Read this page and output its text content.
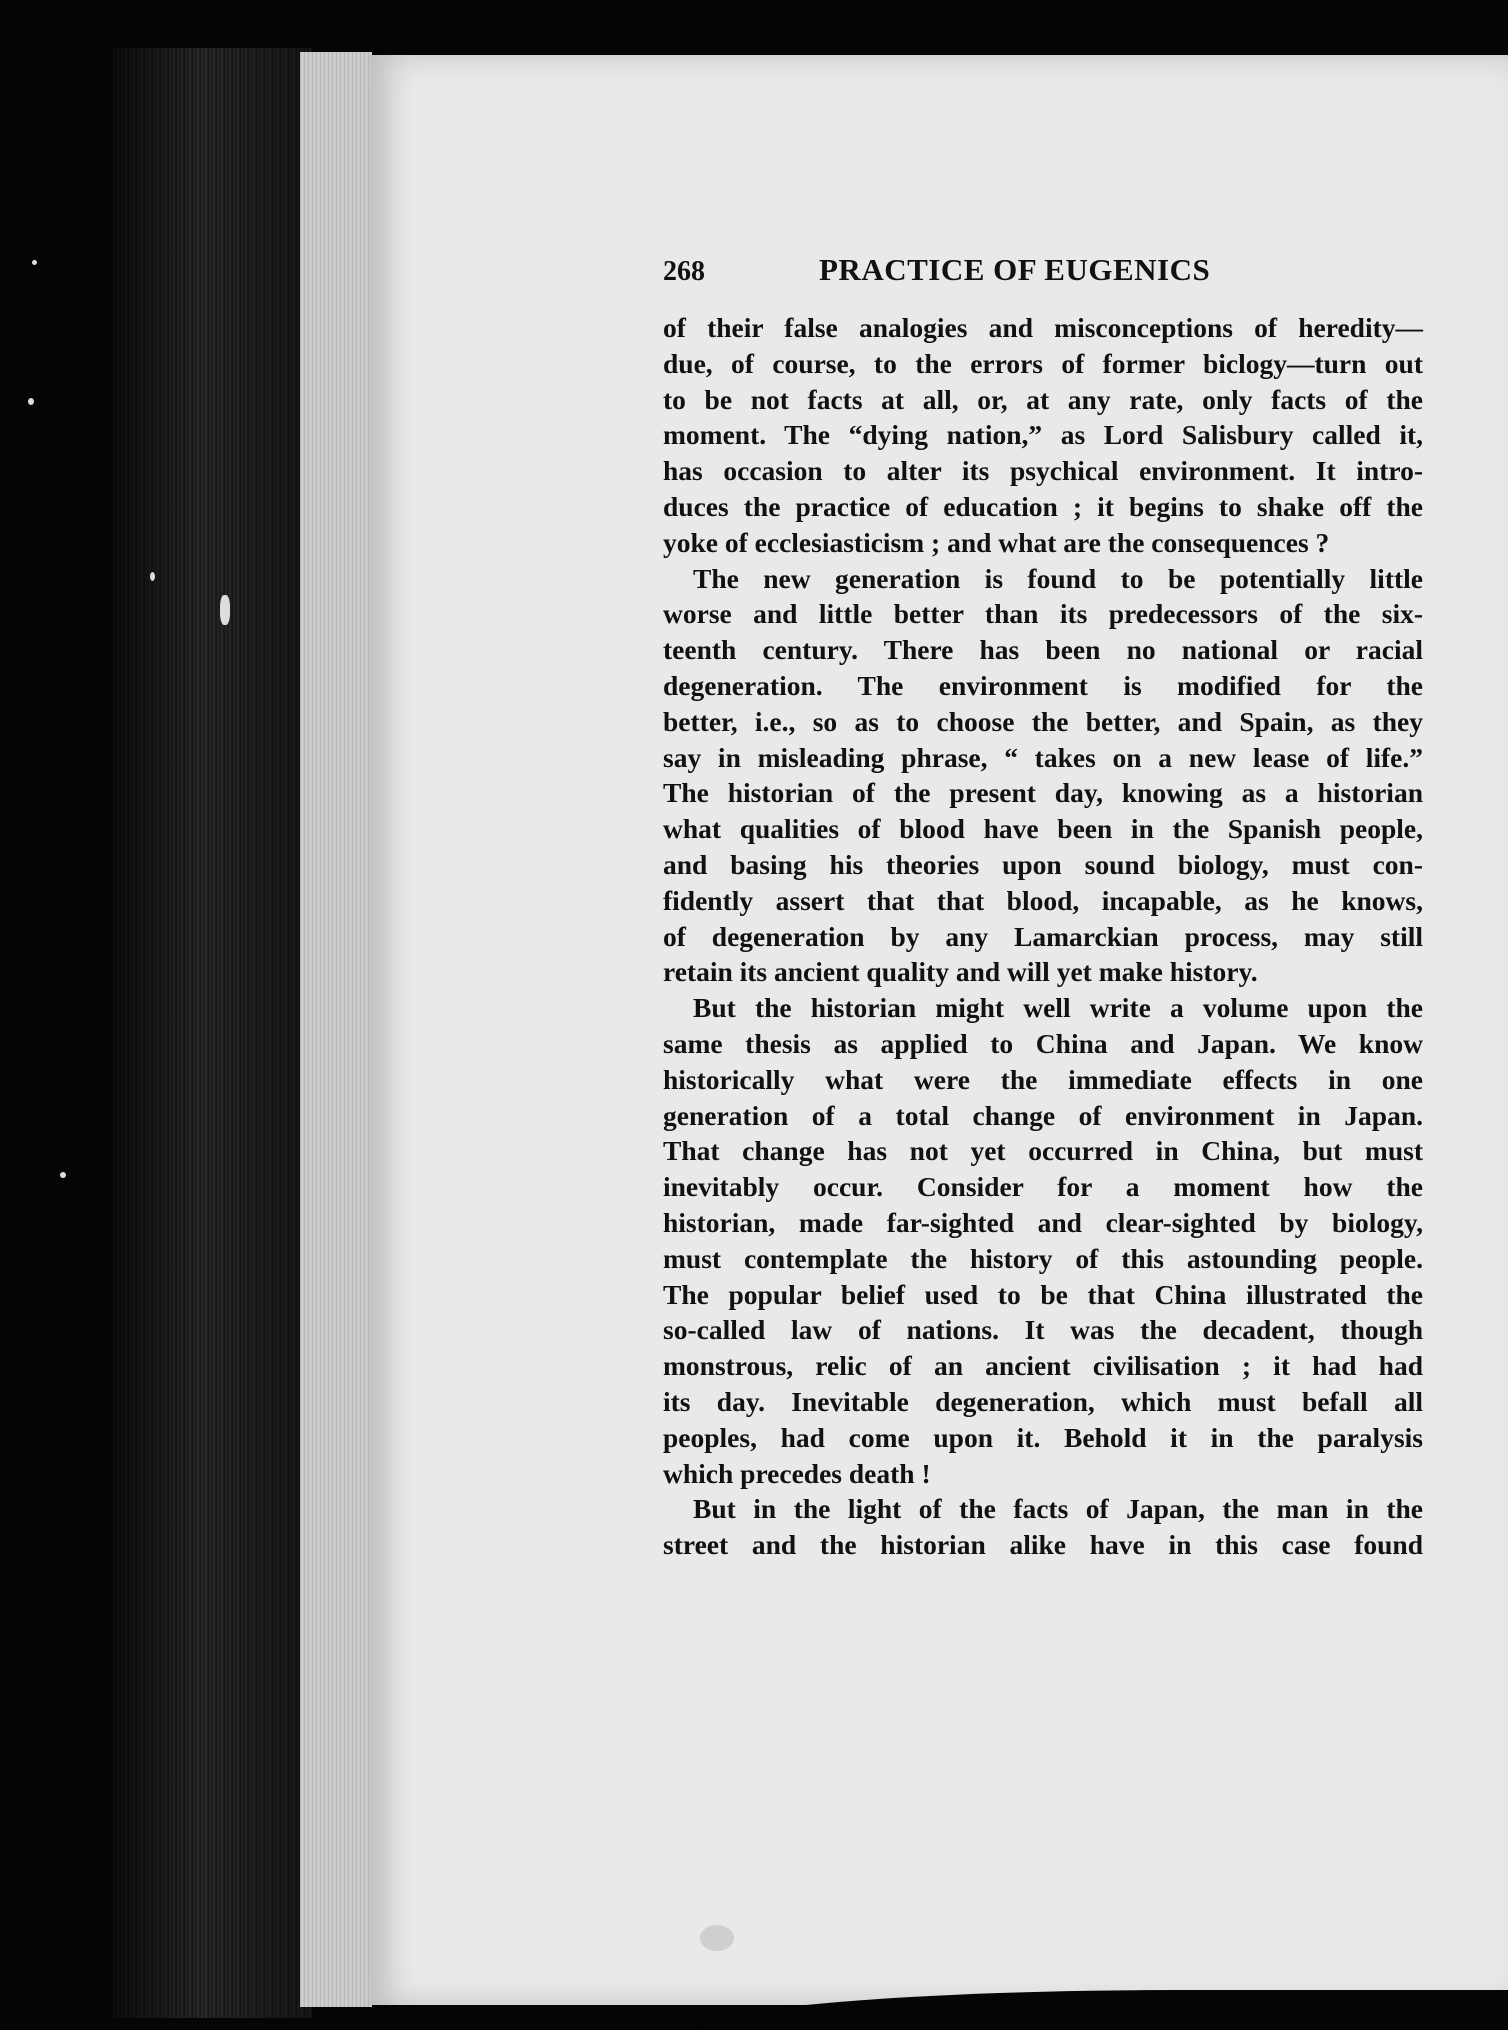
268	PRACTICE OF EUGENICS
of their false analogies and misconceptions of heredity—
due, of course, to the errors of former biclogy—turn out
to be not facts at all, or, at any rate, only facts of the
moment. The “dying nation,” as Lord Salisbury called it,
has occasion to alter its psychical environment. It intro-
duces the practice of education ; it begins to shake off the
yoke of ecclesiasticism ; and what are the consequences ?
The new generation is found to be potentially little
worse and little better than its predecessors of the six-
teenth century. There has been no national or racial
degeneration. The environment is modified for the
better, i.e., so as to choose the better, and Spain, as they
say in misleading phrase, “ takes on a new lease of life.”
The historian of the present day, knowing as a historian
what qualities of blood have been in the Spanish people,
and basing his theories upon sound biology, must con-
fidently assert that that blood, incapable, as he knows,
of degeneration by any Lamarckian process, may still
retain its ancient quality and will yet make history.
But the historian might well write a volume upon the
same thesis as applied to China and Japan. We know
historically what were the immediate effects in one
generation of a total change of environment in Japan.
That change has not yet occurred in China, but must
inevitably occur. Consider for a moment how the
historian, made far-sighted and clear-sighted by biology,
must contemplate the history of this astounding people.
The popular belief used to be that China illustrated the
so-called law of nations. It was the decadent, though
monstrous, relic of an ancient civilisation ; it had had
its day. Inevitable degeneration, which must befall all
peoples, had come upon it. Behold it in the paralysis
which precedes death !
But in the light of the facts of Japan, the man in the
street and the historian alike have in this case found
